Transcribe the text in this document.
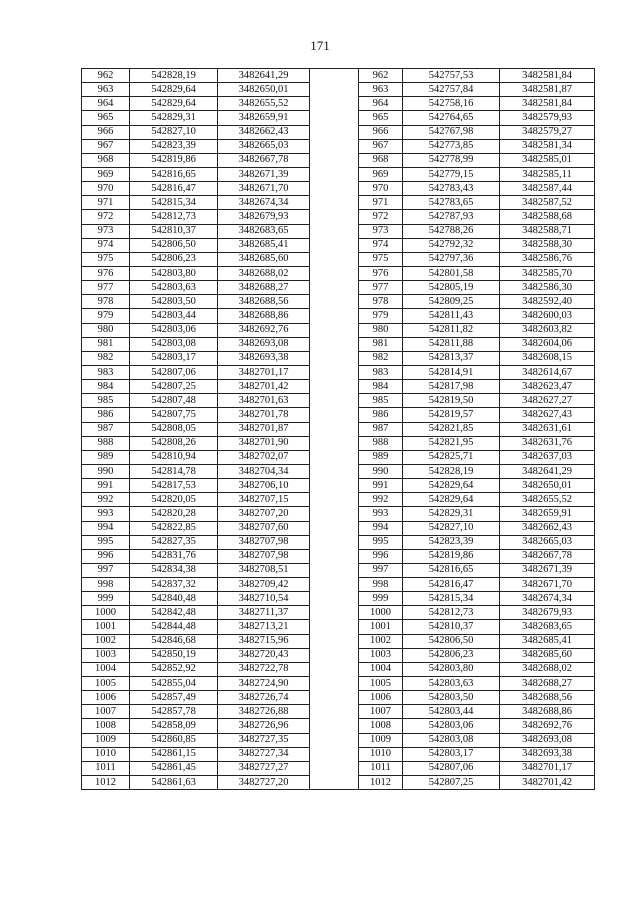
171
962	542828,19	3482641,29		962	542757,53	3482581,84
963	542829,64	3482650,01		963	542757,84	3482581,87
964	542829,64	3482655,52		964	542758,16	3482581,84
965	542829,31	3482659,91		965	542764,65	3482579,93
966	542827,10	3482662,43		966	542767,98	3482579,27
967	542823,39	3482665,03		967	542773,85	3482581,34
968	542819,86	3482667,78		968	542778,99	3482585,01
969	542816,65	3482671,39		969	542779,15	3482585,11
970	542816,47	3482671,70		970	542783,43	3482587,44
971	542815,34	3482674,34		971	542783,65	3482587,52
972	542812,73	3482679,93		972	542787,93	3482588,68
973	542810,37	3482683,65		973	542788,26	3482588,71
974	542806,50	3482685,41		974	542792,32	3482588,30
975	542806,23	3482685,60		975	542797,36	3482586,76
976	542803,80	3482688,02		976	542801,58	3482585,70
977	542803,63	3482688,27		977	542805,19	3482586,30
978	542803,50	3482688,56		978	542809,25	3482592,40
979	542803,44	3482688,86		979	542811,43	3482600,03
980	542803,06	3482692,76		980	542811,82	3482603,82
981	542803,08	3482693,08		981	542811,88	3482604,06
982	542803,17	3482693,38		982	542813,37	3482608,15
983	542807,06	3482701,17		983	542814,91	3482614,67
984	542807,25	3482701,42		984	542817,98	3482623,47
985	542807,48	3482701,63		985	542819,50	3482627,27
986	542807,75	3482701,78		986	542819,57	3482627,43
987	542808,05	3482701,87		987	542821,85	3482631,61
988	542808,26	3482701,90		988	542821,95	3482631,76
989	542810,94	3482702,07		989	542825,71	3482637,03
990	542814,78	3482704,34		990	542828,19	3482641,29
991	542817,53	3482706,10		991	542829,64	3482650,01
992	542820,05	3482707,15		992	542829,64	3482655,52
993	542820,28	3482707,20		993	542829,31	3482659,91
994	542822,85	3482707,60		994	542827,10	3482662,43
995	542827,35	3482707,98		995	542823,39	3482665,03
996	542831,76	3482707,98		996	542819,86	3482667,78
997	542834,38	3482708,51		997	542816,65	3482671,39
998	542837,32	3482709,42		998	542816,47	3482671,70
999	542840,48	3482710,54		999	542815,34	3482674,34
1000	542842,48	3482711,37		1000	542812,73	3482679,93
1001	542844,48	3482713,21		1001	542810,37	3482683,65
1002	542846,68	3482715,96		1002	542806,50	3482685,41
1003	542850,19	3482720,43		1003	542806,23	3482685,60
1004	542852,92	3482722,78		1004	542803,80	3482688,02
1005	542855,04	3482724,90		1005	542803,63	3482688,27
1006	542857,49	3482726,74		1006	542803,50	3482688,56
1007	542857,78	3482726,88		1007	542803,44	3482688,86
1008	542858,09	3482726,96		1008	542803,06	3482692,76
1009	542860,85	3482727,35		1009	542803,08	3482693,08
1010	542861,15	3482727,34		1010	542803,17	3482693,38
1011	542861,45	3482727,27		1011	542807,06	3482701,17
1012	542861,63	3482727,20		1012	542807,25	3482701,42
